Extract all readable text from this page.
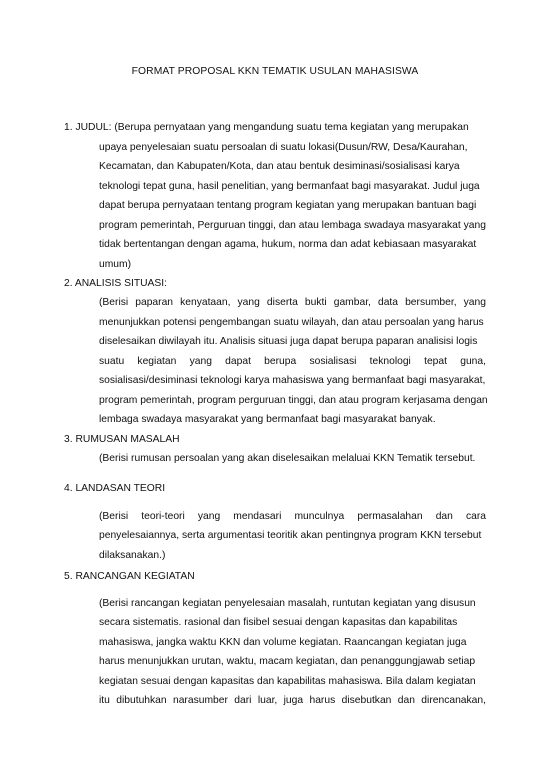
FORMAT PROPOSAL KKN TEMATIK USULAN MAHASISWA
1. JUDUL: (Berupa pernyataan yang mengandung suatu tema kegiatan yang merupakan
upaya penyelesaian suatu persoalan di suatu lokasi(Dusun/RW, Desa/Kaurahan,
Kecamatan, dan Kabupaten/Kota, dan atau bentuk desiminasi/sosialisasi karya
teknologi tepat guna, hasil penelitian, yang bermanfaat bagi masyarakat. Judul juga
dapat berupa pernyataan tentang program kegiatan yang merupakan bantuan bagi
program pemerintah, Perguruan tinggi, dan atau lembaga swadaya masyarakat yang
tidak bertentangan dengan agama, hukum, norma dan adat kebiasaan masyarakat
umum)
2. ANALISIS SITUASI:
(Berisi paparan kenyataan, yang diserta bukti gambar, data bersumber, yang
menunjukkan potensi pengembangan suatu wilayah, dan atau persoalan yang harus
diselesaikan diwilayah itu. Analisis situasi juga dapat berupa paparan analisisi logis
suatu kegiatan yang dapat berupa sosialisasi teknologi tepat guna,
sosialisasi/desiminasi teknologi karya mahasiswa yang bermanfaat bagi masyarakat,
program pemerintah, program perguruan tinggi, dan atau program kerjasama dengan
lembaga swadaya masyarakat yang bermanfaat bagi masyarakat banyak.
3. RUMUSAN MASALAH
(Berisi rumusan persoalan yang akan diselesaikan melaluai KKN Tematik tersebut.
4. LANDASAN TEORI
(Berisi teori-teori yang mendasari munculnya permasalahan dan cara
penyelesaiannya, serta argumentasi teoritik akan pentingnya program KKN tersebut
dilaksanakan.)
5. RANCANGAN KEGIATAN
(Berisi rancangan kegiatan penyelesaian masalah, runtutan kegiatan yang disusun
secara sistematis. rasional dan fisibel sesuai dengan kapasitas dan kapabilitas
mahasiswa, jangka waktu KKN dan volume kegiatan. Raancangan kegiatan juga
harus menunjukkan urutan, waktu, macam kegiatan, dan penanggungjawab setiap
kegiatan sesuai dengan kapasitas dan kapabilitas mahasiswa. Bila dalam kegiatan
itu dibutuhkan narasumber dari luar, juga harus disebutkan dan direncanakan,
